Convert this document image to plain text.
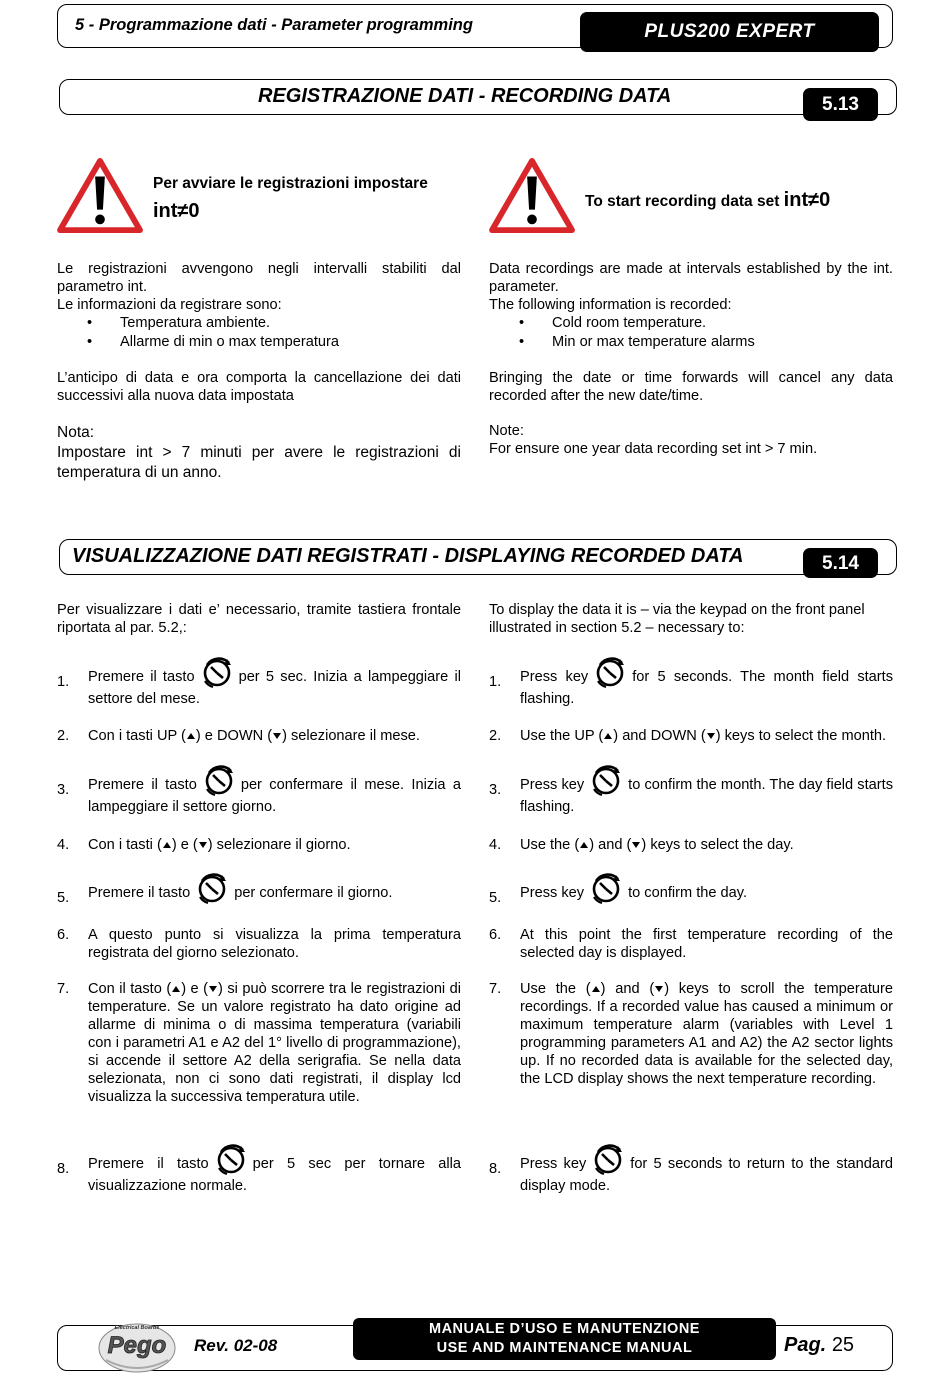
5 - Programmazione dati - Parameter programming	PLUS200 EXPERT
REGISTRAZIONE DATI - RECORDING DATA	5.13
Per avviare le registrazioni impostare
int≠0	To start recording data set int≠0
Le registrazioni avvengono negli intervalli stabiliti dal parametro int.
Le informazioni da registrare sono:
• Temperatura ambiente.
• Allarme di min o max temperatura
L’anticipo di data e ora comporta la cancellazione dei dati successivi alla nuova data impostata
Nota:
Impostare int > 7 minuti per avere le registrazioni di temperatura di un anno.
Data recordings are made at intervals established by the int. parameter.
The following information is recorded:
• Cold room temperature.
• Min or max temperature alarms
Bringing the date or time forwards will cancel any data recorded after the new date/time.
Note:
For ensure one year data recording set int > 7 min.
VISUALIZZAZIONE DATI REGISTRATI - DISPLAYING RECORDED DATA	5.14
Per visualizzare i dati e’ necessario, tramite tastiera frontale riportata al par. 5.2,:
To display the data it is – via the keypad on the front panel illustrated in section 5.2 – necessary to:
1. Premere il tasto	per 5 sec. Inizia a lampeggiare il settore del mese.
2. Con i tasti UP ( ) e DOWN ( ) selezionare il mese.
3. Premere il tasto	per confermare il mese. Inizia a lampeggiare il settore giorno.
4. Con i tasti ( ) e ( ) selezionare il giorno.
5. Premere il tasto	per confermare il giorno.
6. A questo punto si visualizza la prima temperatura registrata del giorno selezionato.
7. Con il tasto ( ) e ( ) si può scorrere tra le registrazioni di temperature. Se un valore registrato ha dato origine ad allarme di minima o di massima temperatura (variabili con i parametri A1 e A2 del 1° livello di programmazione), si accende il settore A2 della serigrafia. Se nella data selezionata, non ci sono dati registrati, il display lcd visualizza la successiva temperatura utile.
8. Premere il tasto	per 5 sec per tornare alla visualizzazione normale.
1. Press key	for 5 seconds. The month field starts flashing.
2. Use the UP ( ) and DOWN ( ) keys to select the month.
3. Press key	to confirm the month. The day field starts flashing.
4. Use the ( ) and ( ) keys to select the day.
5. Press key	to confirm the day.
6. At this point the first temperature recording of the selected day is displayed.
7. Use the ( ) and ( ) keys to scroll the temperature recordings. If a recorded value has caused a minimum or maximum temperature alarm (variables with Level 1 programming parameters A1 and A2) the A2 sector lights up. If no recorded data is available for the selected day, the LCD display shows the next temperature recording.
8. Press key	for 5 seconds to return to the standard display mode.
Electrical Boards
Pego Rev. 02-08
MANUALE D’USO E MANUTENZIONE
USE AND MAINTENANCE MANUAL	Pag. 25
